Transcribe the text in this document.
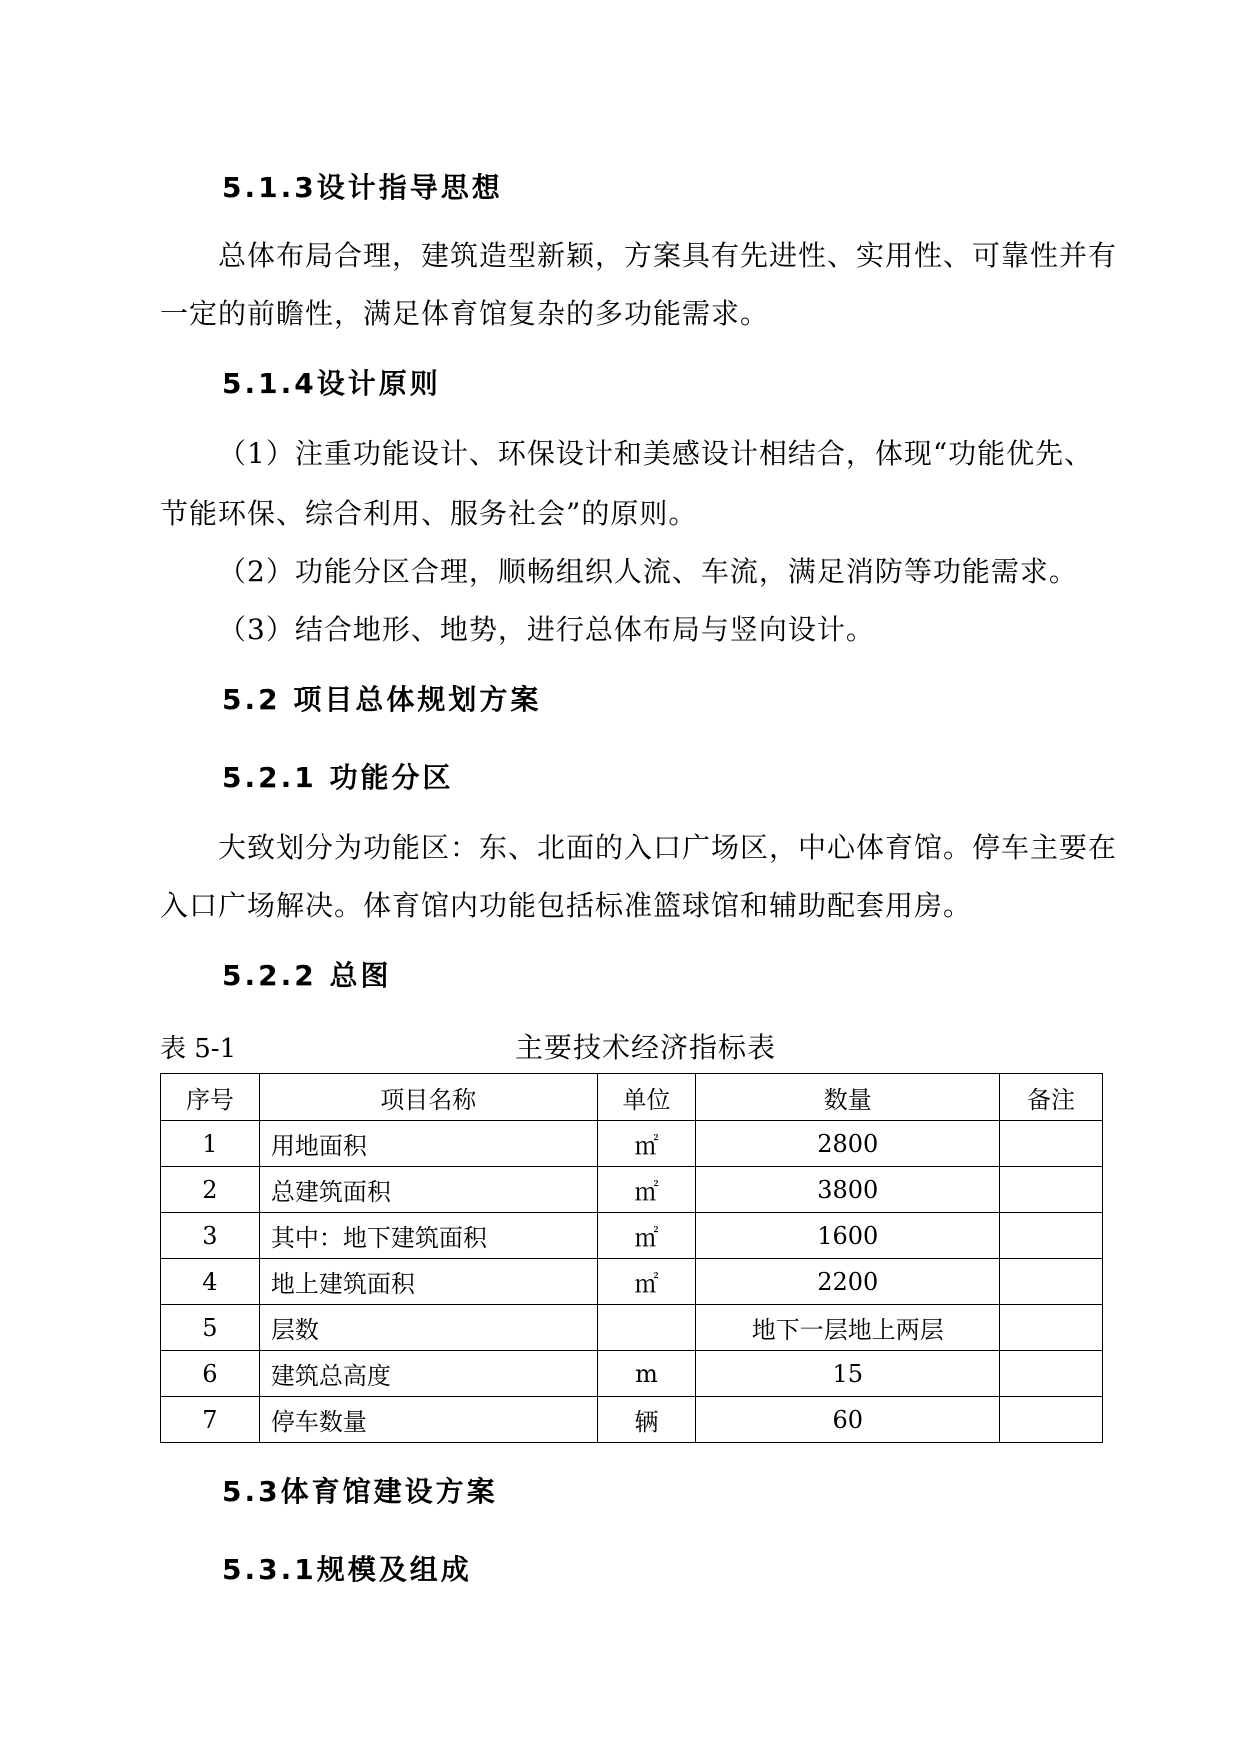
5.1.3设计指导思想
总体布局合理，建筑造型新颖，方案具有先进性、实用性、可靠性并有
一定的前瞻性，满足体育馆复杂的多功能需求。
5.1.4设计原则
（1）注重功能设计、环保设计和美感设计相结合，体现“功能优先、
节能环保、综合利用、服务社会”的原则。
（2）功能分区合理，顺畅组织人流、车流，满足消防等功能需求。
（3）结合地形、地势，进行总体布局与竖向设计。
5.2 项目总体规划方案
5.2.1 功能分区
大致划分为功能区：东、北面的入口广场区，中心体育馆。停车主要在
入口广场解决。体育馆内功能包括标准篮球馆和辅助配套用房。
5.2.2 总图
表 5-1	主要技术经济指标表
序号	项目名称	单位	数量	备注
1	用地面积	㎡	2800	
2	总建筑面积	㎡	3800	
3	其中：地下建筑面积	㎡	1600	
4	地上建筑面积	㎡	2200	
5	层数		地下一层地上两层	
6	建筑总高度	m	15	
7	停车数量	辆	60	
5.3体育馆建设方案
5.3.1规模及组成
